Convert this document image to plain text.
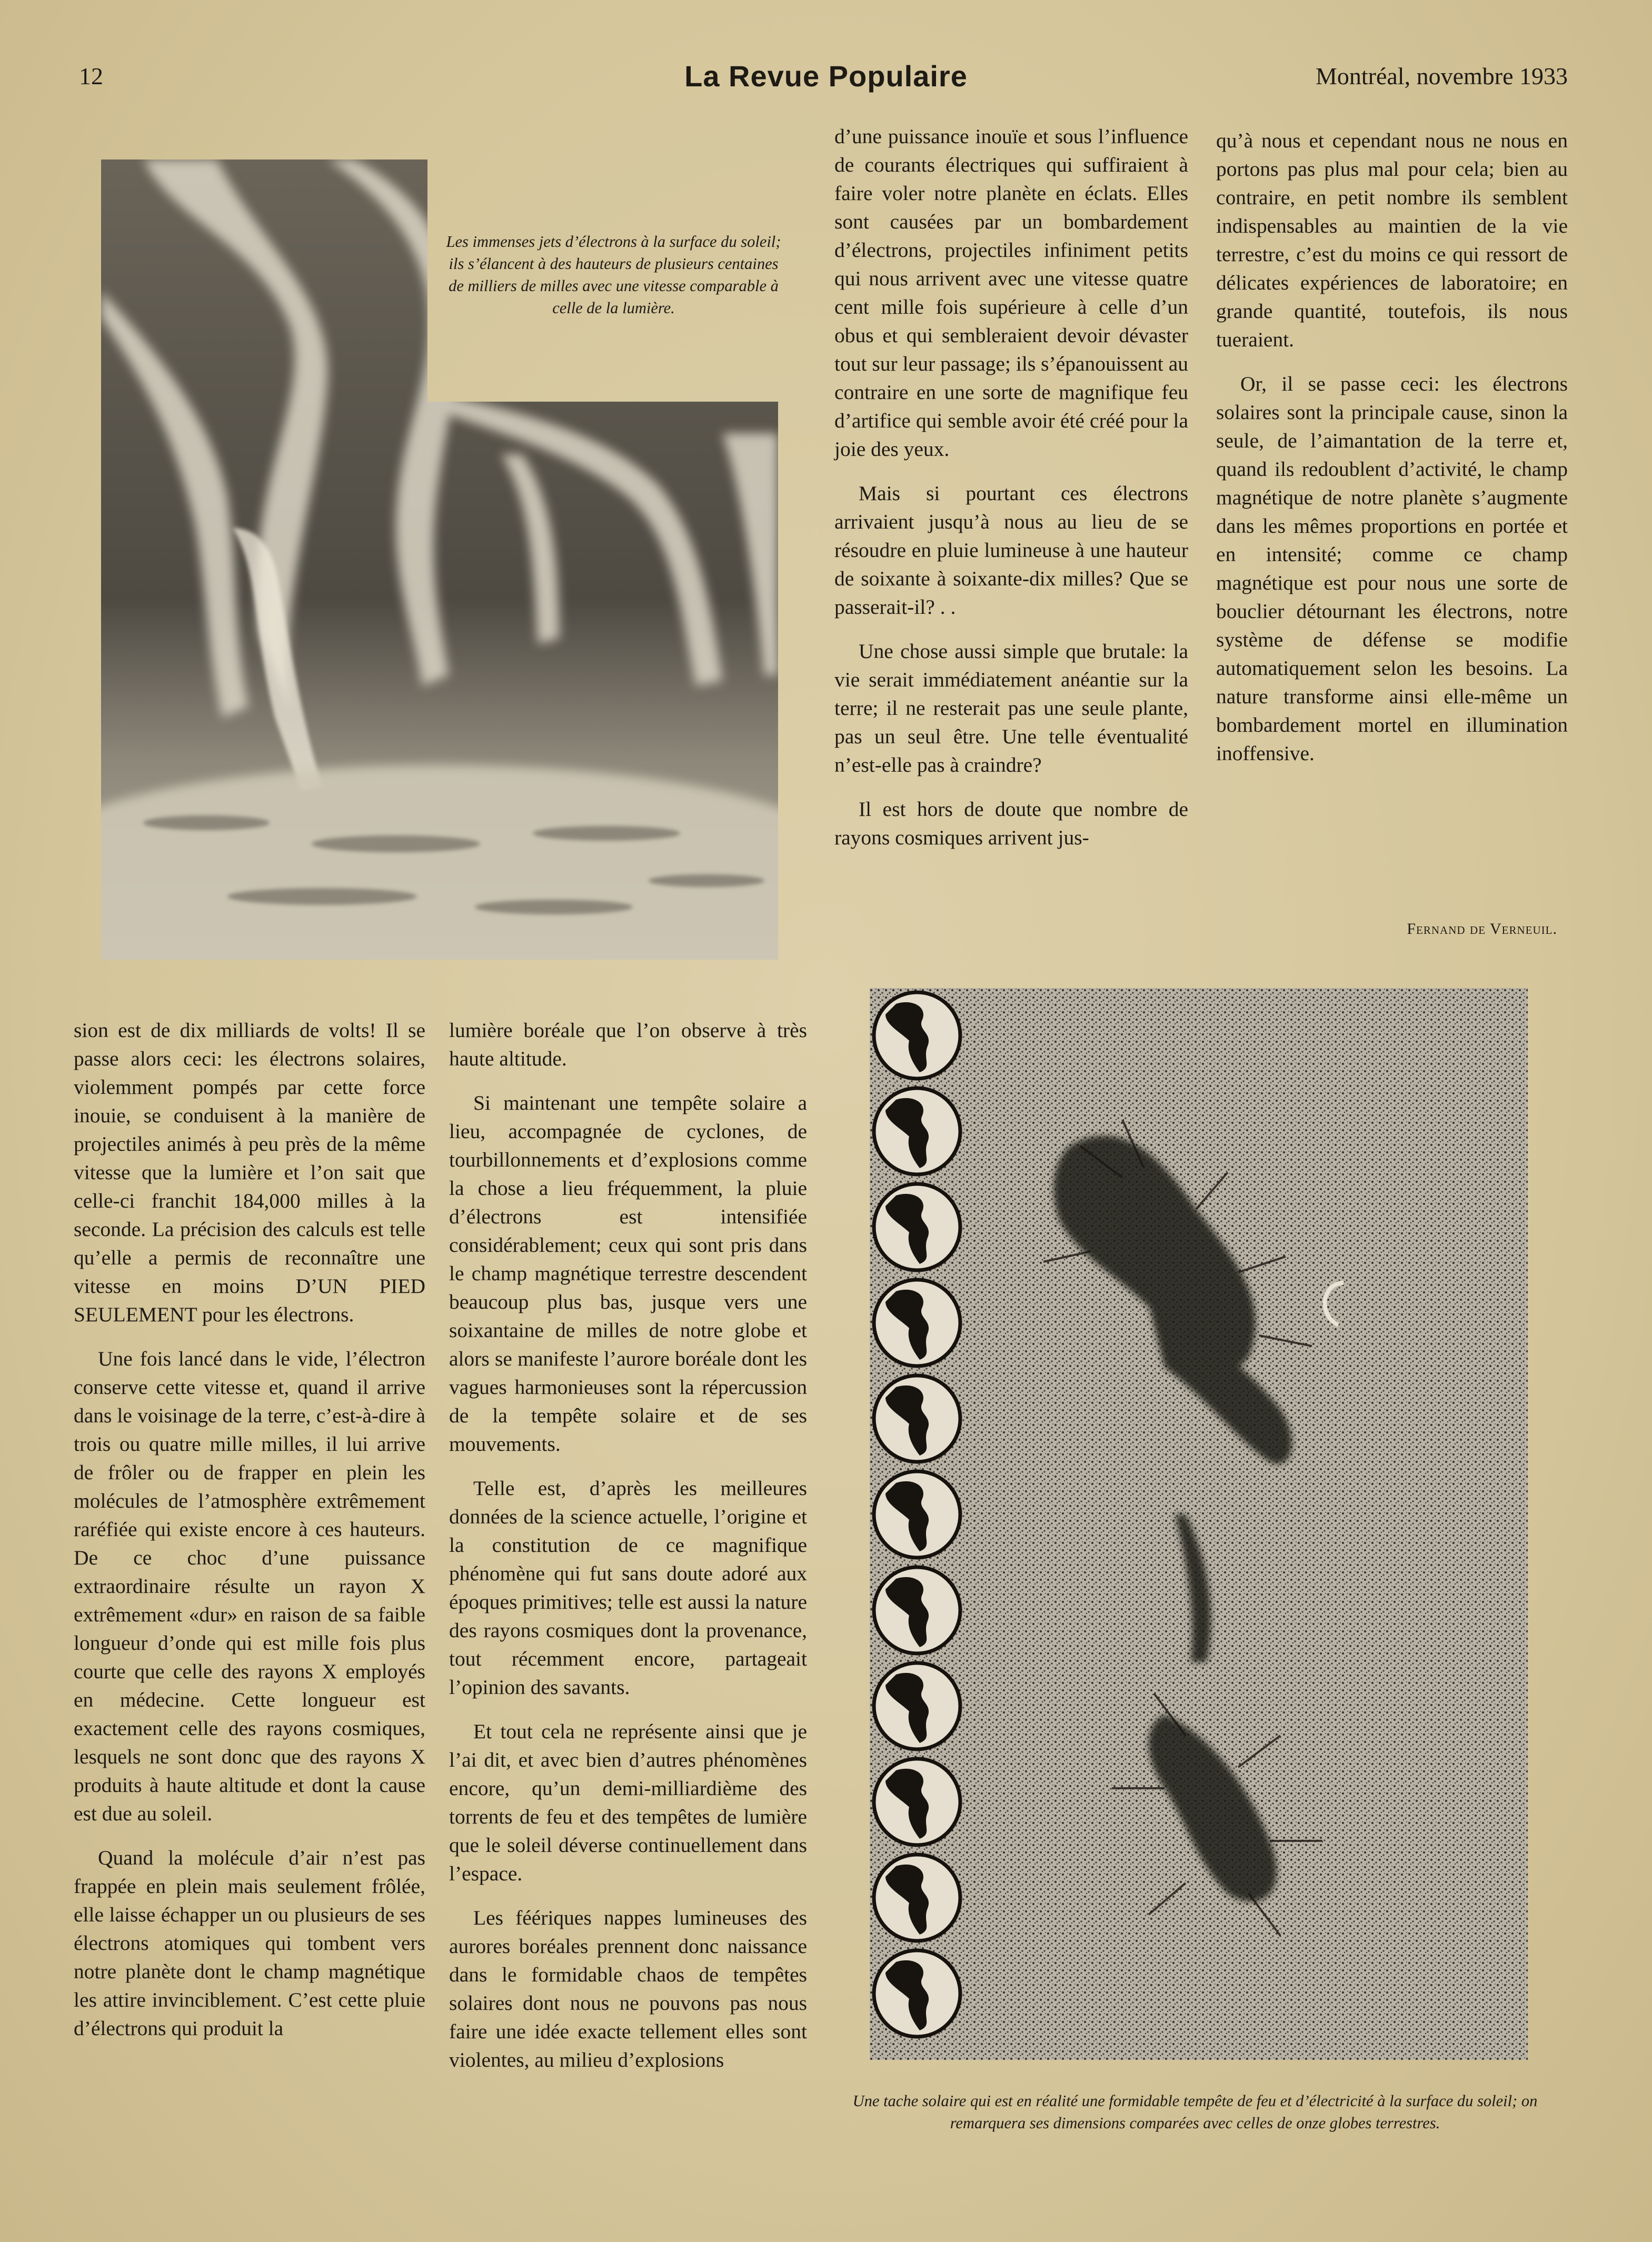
12	La Revue Populaire	Montréal, novembre 1933
Les immenses jets d’électrons à la surface du soleil; ils s’élancent à des hauteurs de plusieurs centaines de milliers de milles avec une vitesse comparable à celle de la lumière.

d’une puissance inouïe et sous l’influence de courants électriques qui suffiraient à faire voler notre planète en éclats. Elles sont causées par un bombardement d’électrons, projectiles infiniment petits qui nous arrivent avec une vitesse quatre cent mille fois supérieure à celle d’un obus et qui sembleraient devoir dévaster tout sur leur passage; ils s’épanouissent au contraire en une sorte de magnifique feu d’artifice qui semble avoir été créé pour la joie des yeux.

Mais si pourtant ces électrons arrivaient jusqu’à nous au lieu de se résoudre en pluie lumineuse à une hauteur de soixante à soixante-dix milles? Que se passerait-il? . .

Une chose aussi simple que brutale: la vie serait immédiatement anéantie sur la terre; il ne resterait pas une seule plante, pas un seul être. Une telle éventualité n’est-elle pas à craindre?

Il est hors de doute que nombre de rayons cosmiques arrivent jus-

qu’à nous et cependant nous ne nous en portons pas plus mal pour cela; bien au contraire, en petit nombre ils semblent indispensables au maintien de la vie terrestre, c’est du moins ce qui ressort de délicates expériences de laboratoire; en grande quantité, toutefois, ils nous tueraient.

Or, il se passe ceci: les électrons solaires sont la principale cause, sinon la seule, de l’aimantation de la terre et, quand ils redoublent d’activité, le champ magnétique de notre planète s’augmente dans les mêmes proportions en portée et en intensité; comme ce champ magnétique est pour nous une sorte de bouclier détournant les électrons, notre système de défense se modifie automatiquement selon les besoins. La nature transforme ainsi elle-même un bombardement mortel en illumination inoffensive.

Fernand de Verneuil.

sion est de dix milliards de volts! Il se passe alors ceci: les électrons solaires, violemment pompés par cette force inouie, se conduisent à la manière de projectiles animés à peu près de la même vitesse que la lumière et l’on sait que celle-ci franchit 184,000 milles à la seconde. La précision des calculs est telle qu’elle a permis de reconnaître une vitesse en moins D’UN PIED SEULEMENT pour les électrons.

Une fois lancé dans le vide, l’électron conserve cette vitesse et, quand il arrive dans le voisinage de la terre, c’est-à-dire à trois ou quatre mille milles, il lui arrive de frôler ou de frapper en plein les molécules de l’atmosphère extrêmement raréfiée qui existe encore à ces hauteurs. De ce choc d’une puissance extraordinaire résulte un rayon X extrêmement «dur» en raison de sa faible longueur d’onde qui est mille fois plus courte que celle des rayons X employés en médecine. Cette longueur est exactement celle des rayons cosmiques, lesquels ne sont donc que des rayons X produits à haute altitude et dont la cause est due au soleil.

Quand la molécule d’air n’est pas frappée en plein mais seulement frôlée, elle laisse échapper un ou plusieurs de ses électrons atomiques qui tombent vers notre planète dont le champ magnétique les attire invinciblement. C’est cette pluie d’électrons qui produit la

lumière boréale que l’on observe à très haute altitude.

Si maintenant une tempête solaire a lieu, accompagnée de cyclones, de tourbillonnements et d’explosions comme la chose a lieu fréquemment, la pluie d’électrons est intensifiée considérablement; ceux qui sont pris dans le champ magnétique terrestre descendent beaucoup plus bas, jusque vers une soixantaine de milles de notre globe et alors se manifeste l’aurore boréale dont les vagues harmonieuses sont la répercussion de la tempête solaire et de ses mouvements.

Telle est, d’après les meilleures données de la science actuelle, l’origine et la constitution de ce magnifique phénomène qui fut sans doute adoré aux époques primitives; telle est aussi la nature des rayons cosmiques dont la provenance, tout récemment encore, partageait l’opinion des savants.

Et tout cela ne représente ainsi que je l’ai dit, et avec bien d’autres phénomènes encore, qu’un demi-milliardième des torrents de feu et des tempêtes de lumière que le soleil déverse continuellement dans l’espace.

Les féériques nappes lumineuses des aurores boréales prennent donc naissance dans le formidable chaos de tempêtes solaires dont nous ne pouvons pas nous faire une idée exacte tellement elles sont violentes, au milieu d’explosions

Une tache solaire qui est en réalité une formidable tempête de feu et d’électricité à la surface du soleil; on remarquera ses dimensions comparées avec celles de onze globes terrestres.
